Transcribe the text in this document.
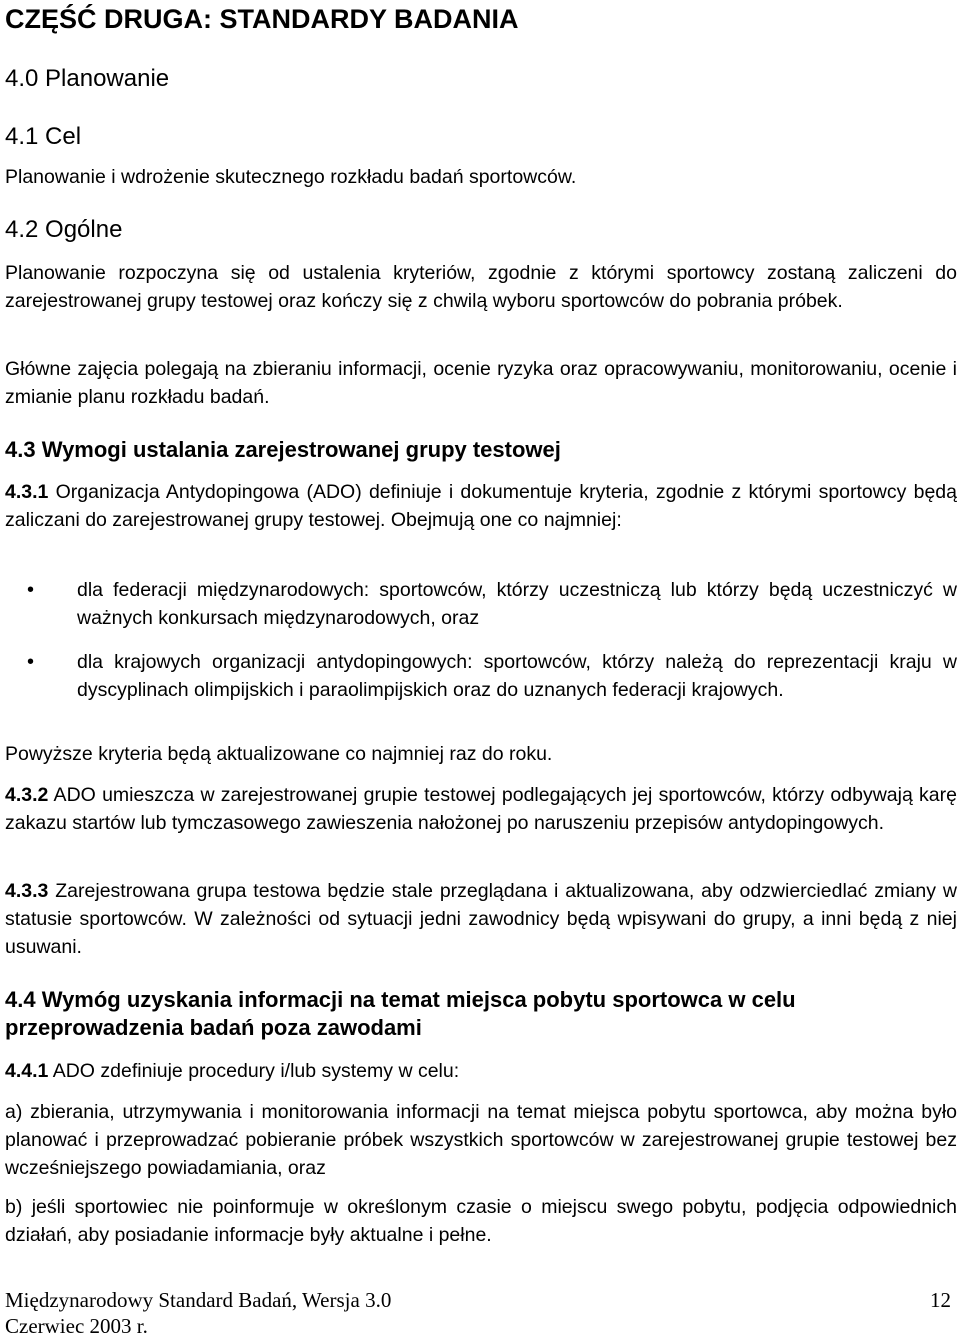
CZĘŚĆ DRUGA: STANDARDY BADANIA
4.0 Planowanie
4.1 Cel

Planowanie i wdrożenie skutecznego rozkładu badań sportowców.

4.2 Ogólne

Planowanie rozpoczyna się od ustalenia kryteriów, zgodnie z którymi sportowcy zostaną zaliczeni do zarejestrowanej grupy testowej oraz kończy się z chwilą wyboru sportowców do pobrania próbek.

Główne zajęcia polegają na zbieraniu informacji, ocenie ryzyka oraz opracowywaniu, monitorowaniu, ocenie i zmianie planu rozkładu badań.

4.3 Wymogi ustalania zarejestrowanej grupy testowej

4.3.1 Organizacja Antydopingowa (ADO) definiuje i dokumentuje kryteria, zgodnie z którymi sportowcy będą zaliczani do zarejestrowanej grupy testowej. Obejmują one co najmniej:

• dla federacji międzynarodowych: sportowców, którzy uczestniczą lub którzy będą uczestniczyć w ważnych konkursach międzynarodowych, oraz
• dla krajowych organizacji antydopingowych: sportowców, którzy należą do reprezentacji kraju w dyscyplinach olimpijskich i paraolimpijskich oraz do uznanych federacji krajowych.

Powyższe kryteria będą aktualizowane co najmniej raz do roku.

4.3.2 ADO umieszcza w zarejestrowanej grupie testowej podlegających jej sportowców, którzy odbywają karę zakazu startów lub tymczasowego zawieszenia nałożonej po naruszeniu przepisów antydopingowych.

4.3.3 Zarejestrowana grupa testowa będzie stale przeglądana i aktualizowana, aby odzwierciedlać zmiany w statusie sportowców. W zależności od sytuacji jedni zawodnicy będą wpisywani do grupy, a inni będą z niej usuwani.

4.4 Wymóg uzyskania informacji na temat miejsca pobytu sportowca w celu przeprowadzenia badań poza zawodami

4.4.1 ADO zdefiniuje procedury i/lub systemy w celu:

a) zbierania, utrzymywania i monitorowania informacji na temat miejsca pobytu sportowca, aby można było planować i przeprowadzać pobieranie próbek wszystkich sportowców w zarejestrowanej grupie testowej bez wcześniejszego powiadamiania, oraz

b) jeśli sportowiec nie poinformuje w określonym czasie o miejscu swego pobytu, podjęcia odpowiednich działań, aby posiadanie informacje były aktualne i pełne.

Międzynarodowy Standard Badań, Wersja 3.0
Czerwiec 2003 r.
12
